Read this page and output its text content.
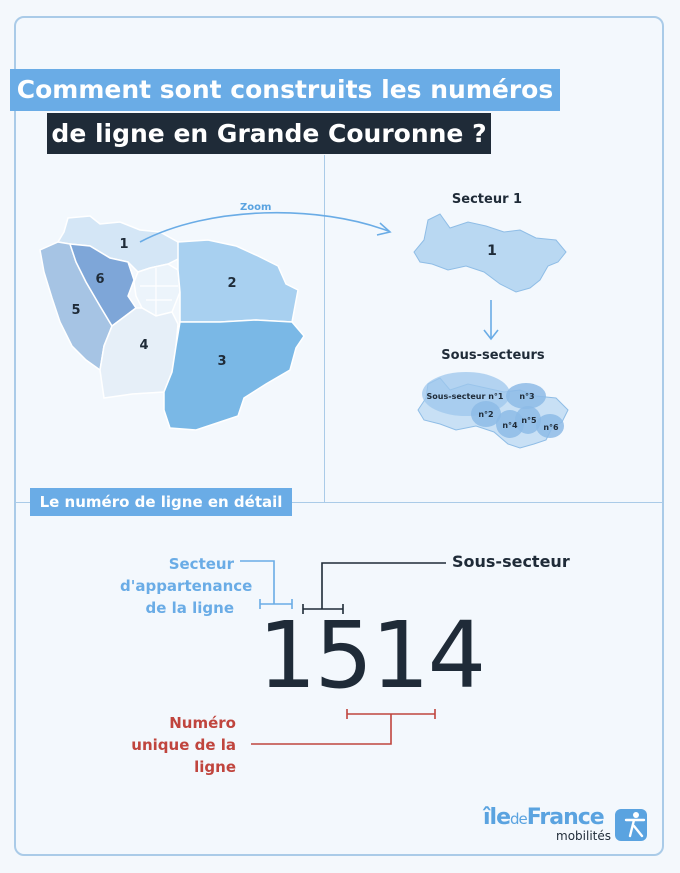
1
2
3
4
5
6
1
Sous-secteur n°1
n°2
n°3
n°4
n°5
n°6
Comment sont construits les numéros
de ligne en Grande Couronne ?
Zoom
Secteur 1
Sous-secteurs
Le numéro de ligne en détail
Secteur d'appartenance de la ligne
Sous-secteur
1514
Numéro unique de la ligne
îledeFrance
mobilités
